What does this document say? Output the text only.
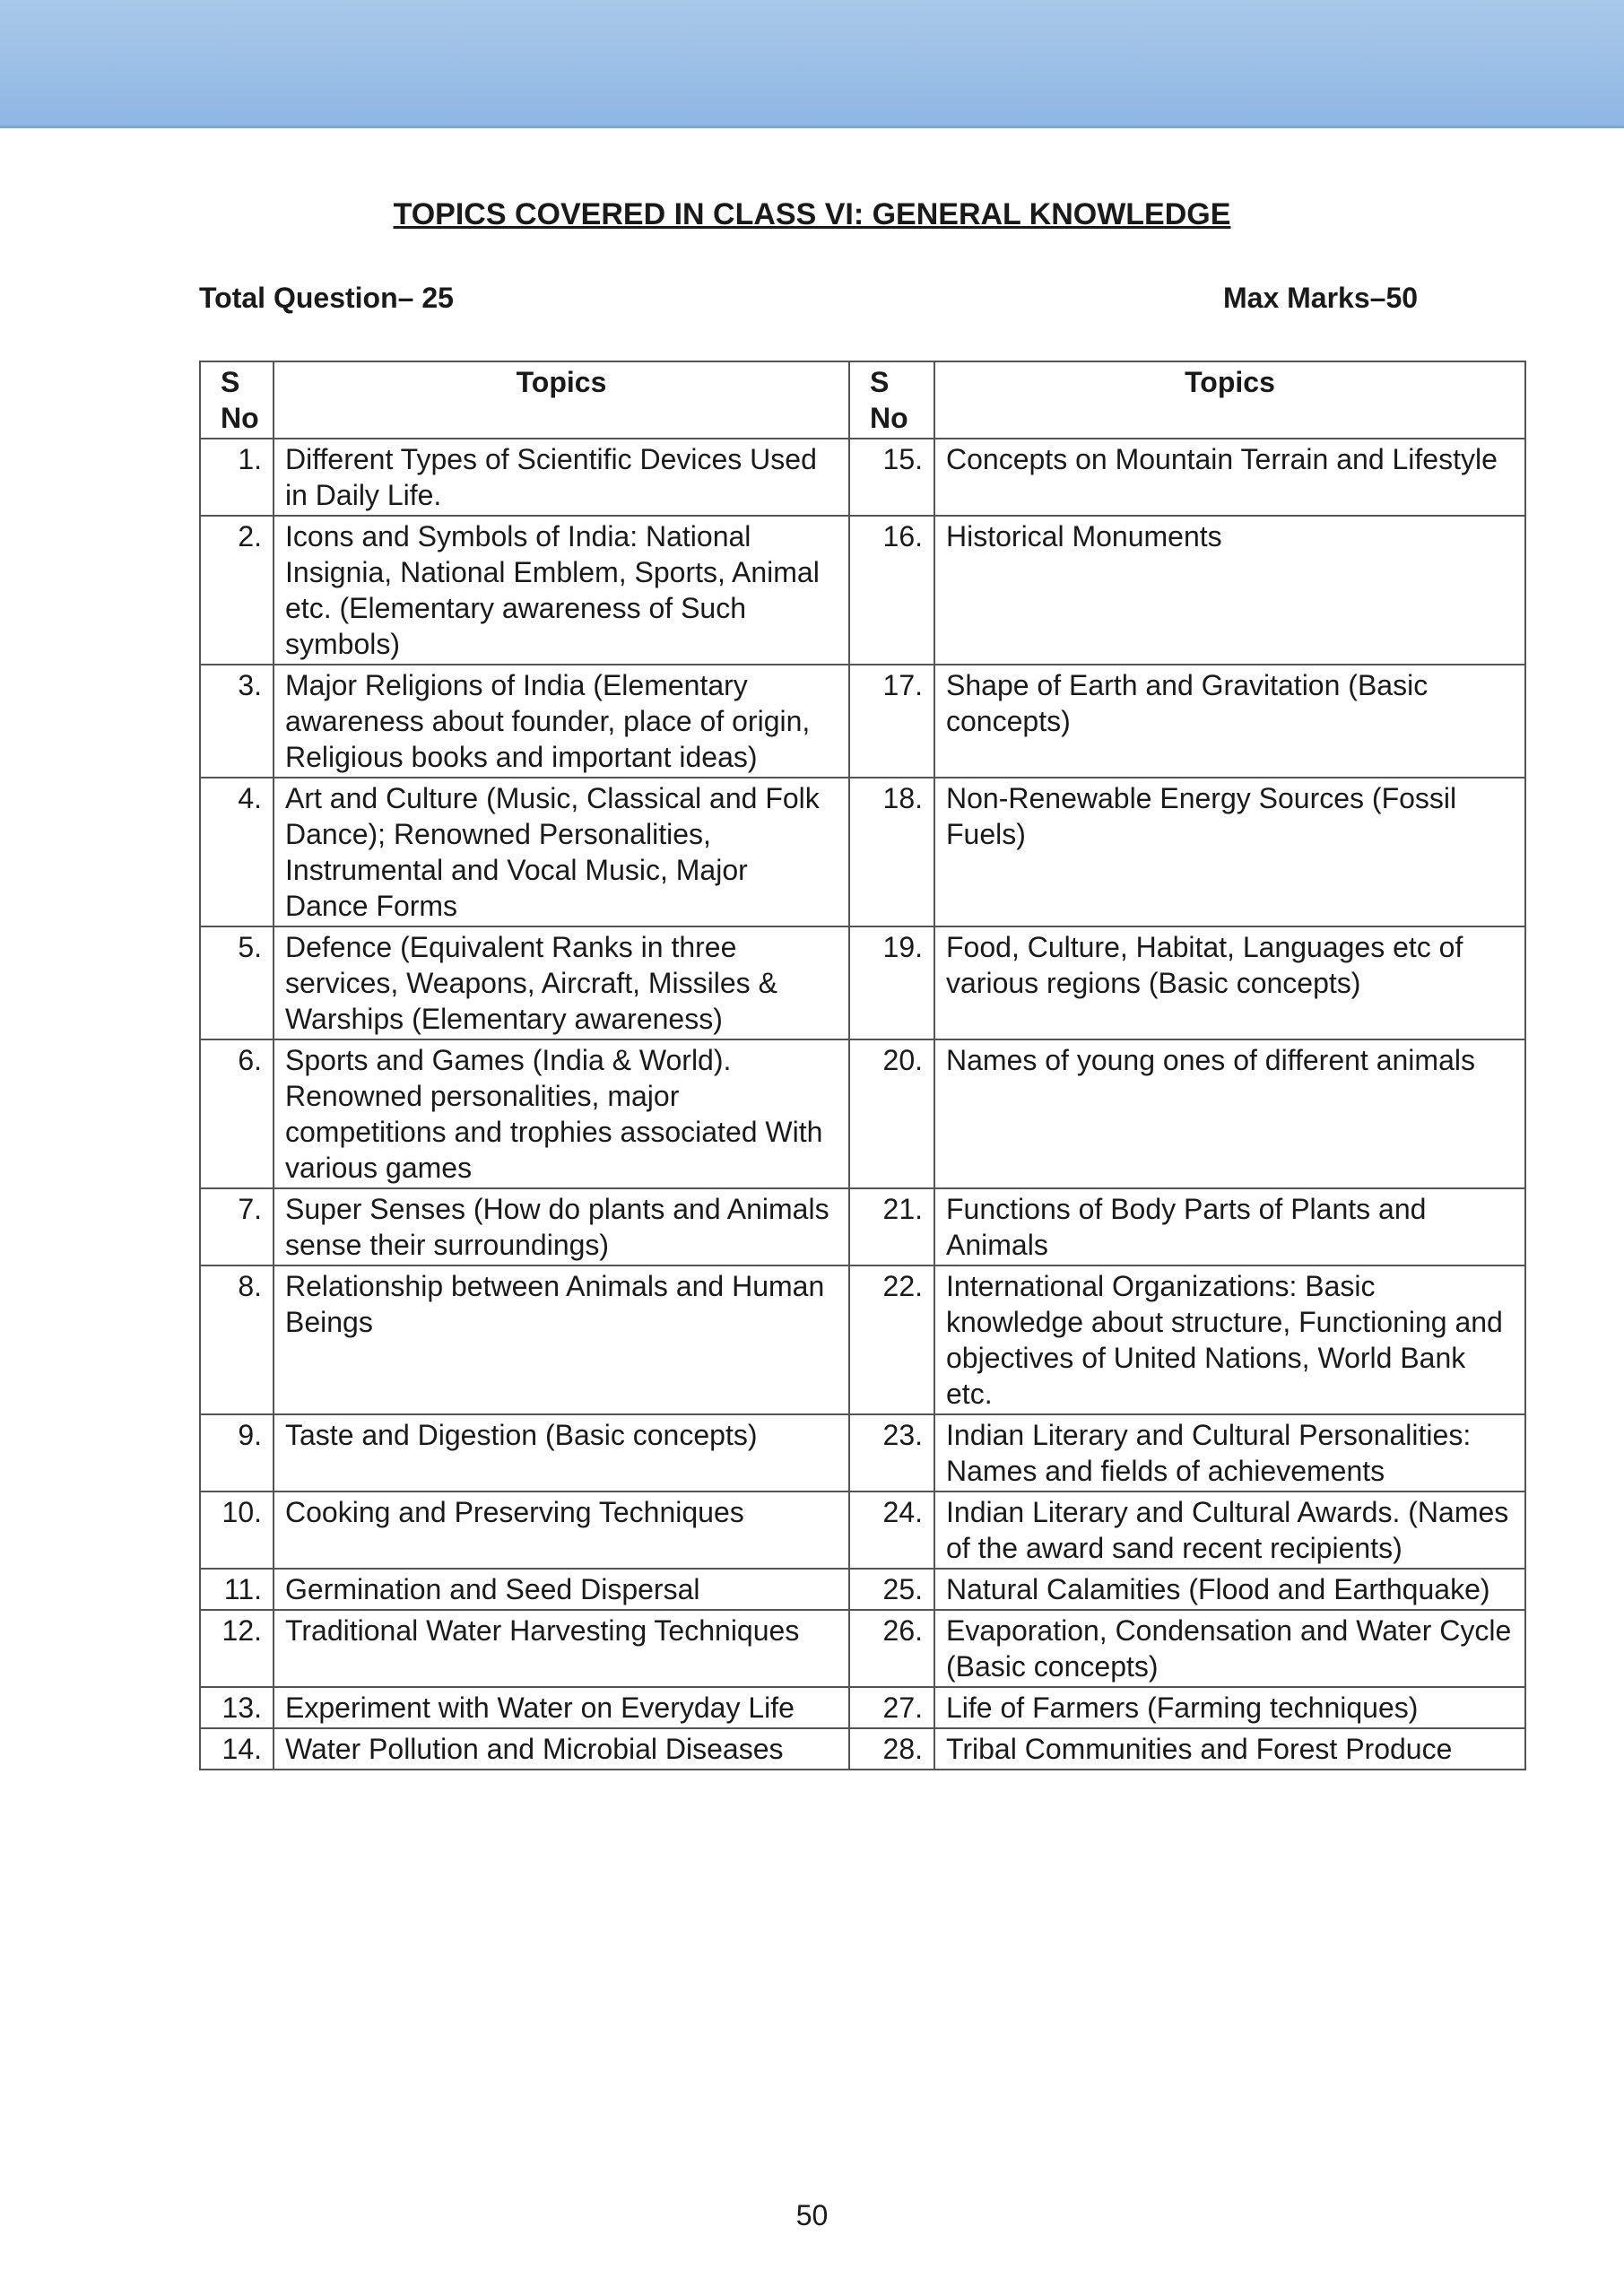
TOPICS COVERED IN CLASS VI: GENERAL KNOWLEDGE
Total Question– 25	Max Marks–50
S No	Topics	S No	Topics
1.	Different Types of Scientific Devices Used in Daily Life.	15.	Concepts on Mountain Terrain and Lifestyle
2.	Icons and Symbols of India: National Insignia, National Emblem, Sports, Animal etc. (Elementary awareness of Such symbols)	16.	Historical Monuments
3.	Major Religions of India (Elementary awareness about founder, place of origin, Religious books and important ideas)	17.	Shape of Earth and Gravitation (Basic concepts)
4.	Art and Culture (Music, Classical and Folk Dance); Renowned Personalities, Instrumental and Vocal Music, Major Dance Forms	18.	Non-Renewable Energy Sources (Fossil Fuels)
5.	Defence (Equivalent Ranks in three services, Weapons, Aircraft, Missiles & Warships (Elementary awareness)	19.	Food, Culture, Habitat, Languages etc of various regions (Basic concepts)
6.	Sports and Games (India & World). Renowned personalities, major competitions and trophies associated With various games	20.	Names of young ones of different animals
7.	Super Senses (How do plants and Animals sense their surroundings)	21.	Functions of Body Parts of Plants and Animals
8.	Relationship between Animals and Human Beings	22.	International Organizations: Basic knowledge about structure, Functioning and objectives of United Nations, World Bank etc.
9.	Taste and Digestion (Basic concepts)	23.	Indian Literary and Cultural Personalities: Names and fields of achievements
10.	Cooking and Preserving Techniques	24.	Indian Literary and Cultural Awards. (Names of the award sand recent recipients)
11.	Germination and Seed Dispersal	25.	Natural Calamities (Flood and Earthquake)
12.	Traditional Water Harvesting Techniques	26.	Evaporation, Condensation and Water Cycle (Basic concepts)
13.	Experiment with Water on Everyday Life	27.	Life of Farmers (Farming techniques)
14.	Water Pollution and Microbial Diseases	28.	Tribal Communities and Forest Produce
50
